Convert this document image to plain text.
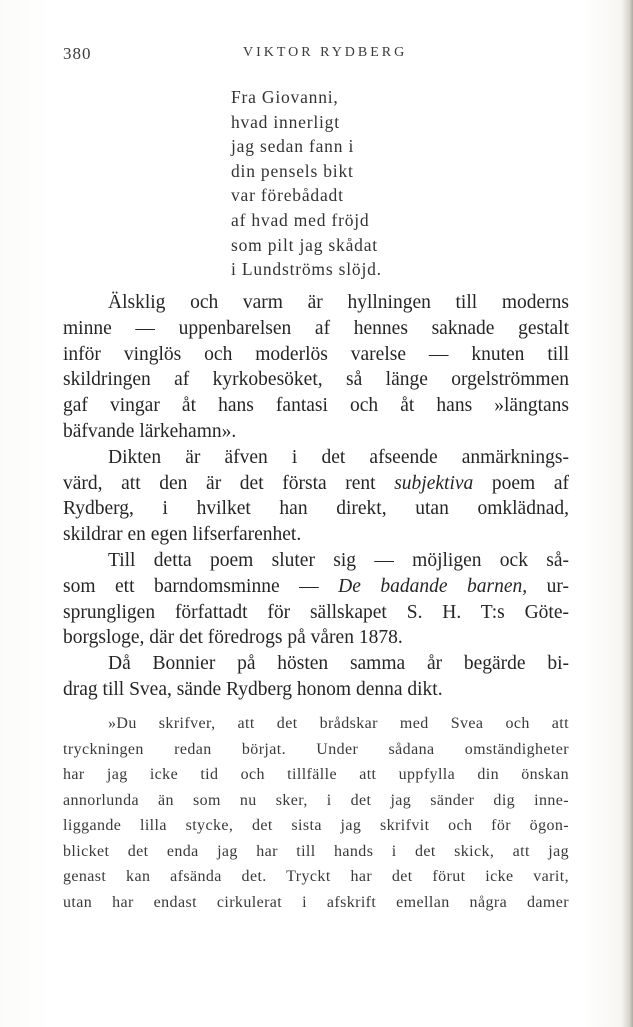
380	VIKTOR RYDBERG
Fra Giovanni,
hvad innerligt
jag sedan fann i
din pensels bikt
var förebådadt
af hvad med fröjd
som pilt jag skådat
i Lundströms slöjd.
Älsklig och varm är hyllningen till moderns
minne — uppenbarelsen af hennes saknade gestalt
inför vinglös och moderlös varelse — knuten till
skildringen af kyrkobesöket, så länge orgelströmmen
gaf vingar åt hans fantasi och åt hans »längtans
bäfvande lärkehamn».
Dikten är äfven i det afseende anmärknings-
värd, att den är det första rent subjektiva poem af
Rydberg, i hvilket han direkt, utan omklädnad,
skildrar en egen lifserfarenhet.
Till detta poem sluter sig — möjligen ock så-
som ett barndomsminne — De badande barnen, ur-
sprungligen författadt för sällskapet S. H. T:s Göte-
borgsloge, där det föredrogs på våren 1878.
Då Bonnier på hösten samma år begärde bi-
drag till Svea, sände Rydberg honom denna dikt.
»Du skrifver, att det brådskar med Svea och att
tryckningen redan börjat. Under sådana omständigheter
har jag icke tid och tillfälle att uppfylla din önskan
annorlunda än som nu sker, i det jag sänder dig inne-
liggande lilla stycke, det sista jag skrifvit och för ögon-
blicket det enda jag har till hands i det skick, att jag
genast kan afsända det. Tryckt har det förut icke varit,
utan har endast cirkulerat i afskrift emellan några damer
